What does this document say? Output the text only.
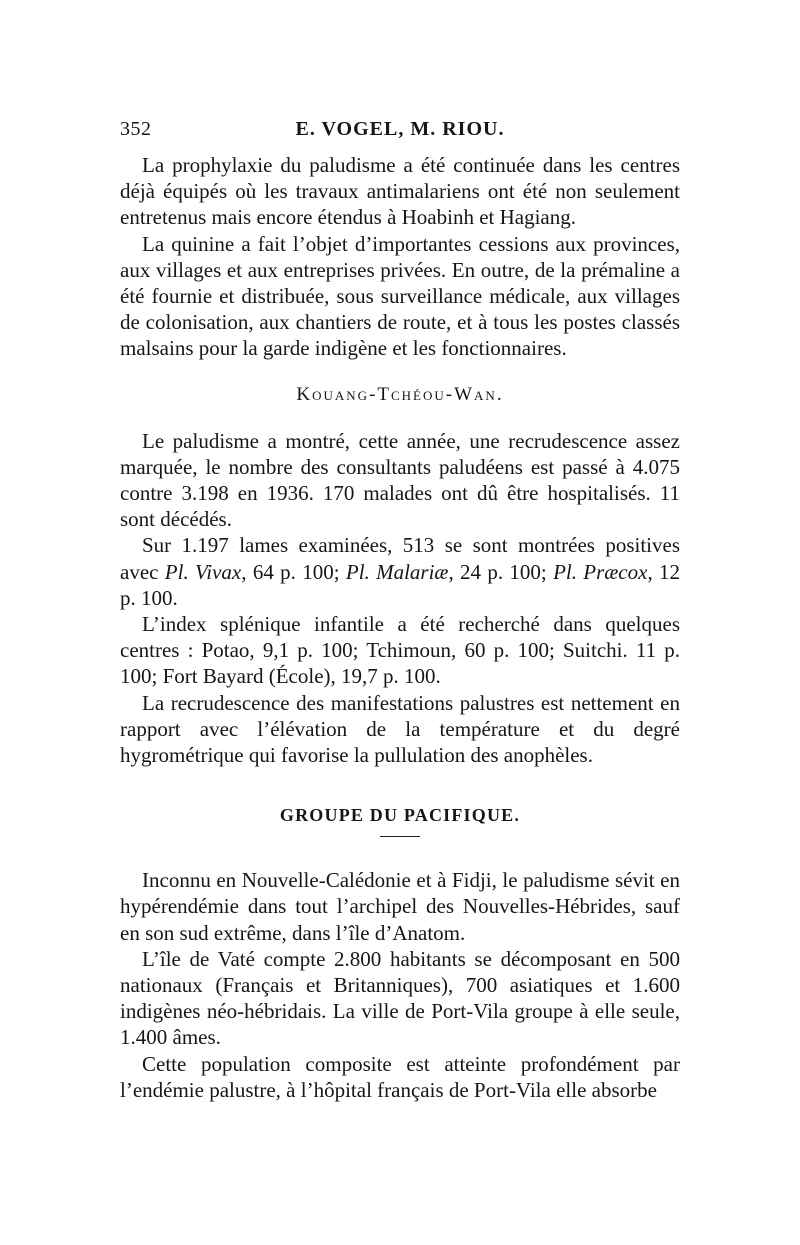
352	E. VOGEL, M. RIOU.

La prophylaxie du paludisme a été continuée dans les centres déjà équipés où les travaux antimalariens ont été non seulement entretenus mais encore étendus à Hoabinh et Hagiang.

La quinine a fait l’objet d’importantes cessions aux provinces, aux villages et aux entreprises privées. En outre, de la prémaline a été fournie et distribuée, sous surveillance médicale, aux villages de colonisation, aux chantiers de route, et à tous les postes classés malsains pour la garde indigène et les fonctionnaires.

Kouang-Tchéou-Wan.

Le paludisme a montré, cette année, une recrudescence assez marquée, le nombre des consultants paludéens est passé à 4.075 contre 3.198 en 1936. 170 malades ont dû être hospitalisés. 11 sont décédés.

Sur 1.197 lames examinées, 513 se sont montrées positives avec Pl. Vivax, 64 p. 100; Pl. Malariæ, 24 p. 100; Pl. Præcox, 12 p. 100.

L’index splénique infantile a été recherché dans quelques centres : Potao, 9,1 p. 100; Tchimoun, 60 p. 100; Suitchi. 11 p. 100; Fort Bayard (École), 19,7 p. 100.

La recrudescence des manifestations palustres est nettement en rapport avec l’élévation de la température et du degré hygrométrique qui favorise la pullulation des anophèles.

GROUPE DU PACIFIQUE.

Inconnu en Nouvelle-Calédonie et à Fidji, le paludisme sévit en hypérendémie dans tout l’archipel des Nouvelles-Hébrides, sauf en son sud extrême, dans l’île d’Anatom.

L’île de Vaté compte 2.800 habitants se décomposant en 500 nationaux (Français et Britanniques), 700 asiatiques et 1.600 indigènes néo-hébridais. La ville de Port-Vila groupe à elle seule, 1.400 âmes.

Cette population composite est atteinte profondément par l’endémie palustre, à l’hôpital français de Port-Vila elle absorbe
